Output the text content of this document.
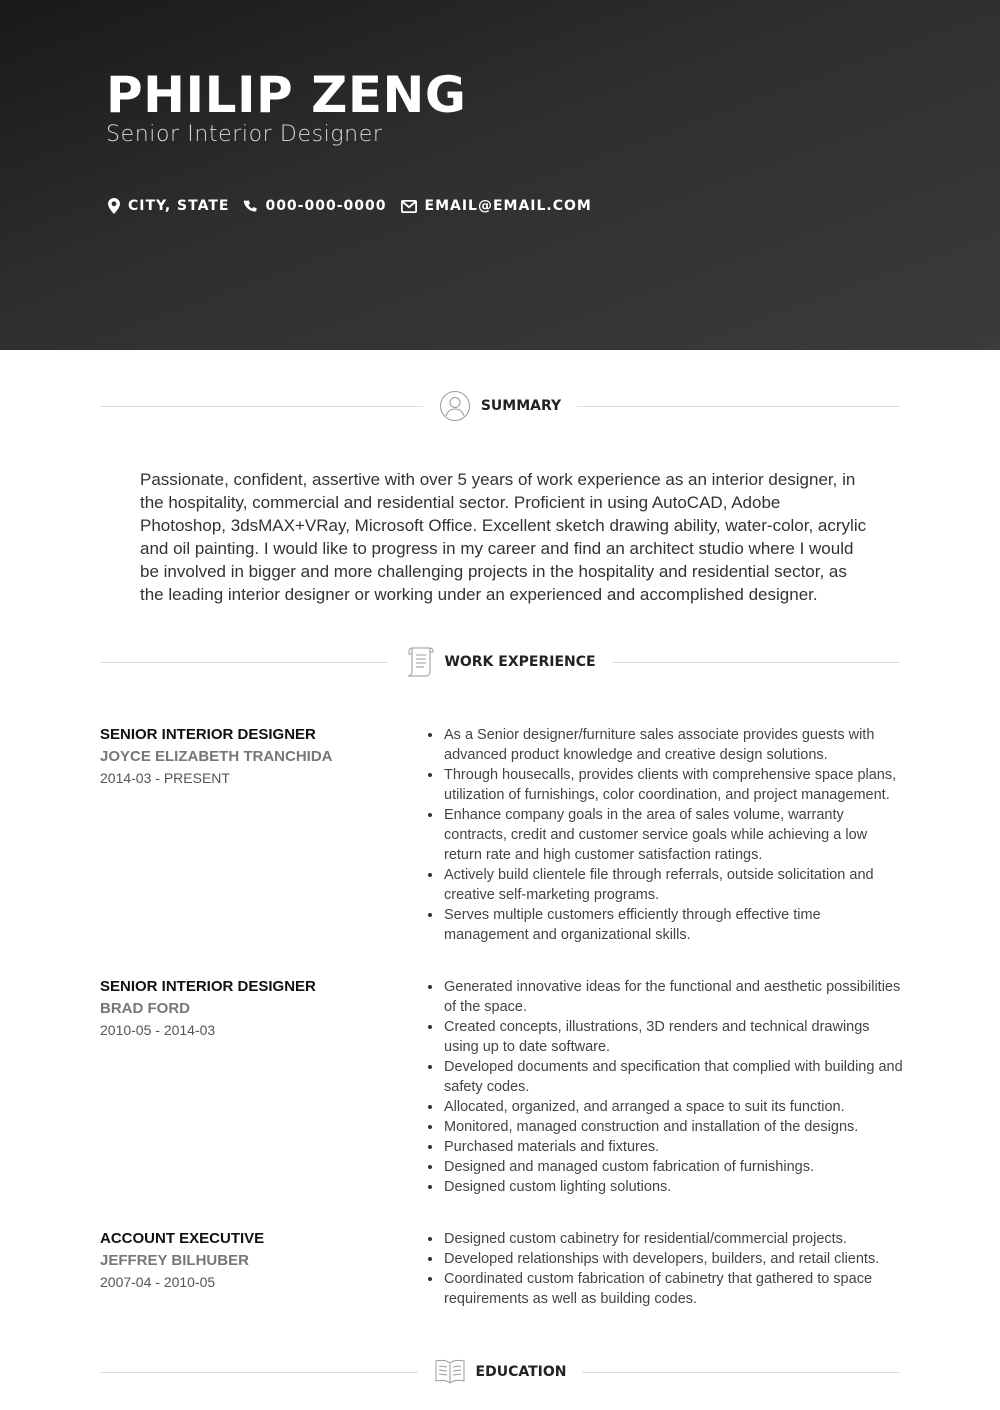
PHILIP ZENG
Senior Interior Designer
CITY, STATE	000-000-0000	EMAIL@EMAIL.COM
SUMMARY
Passionate, confident, assertive with over 5 years of work experience as an interior designer, in the hospitality, commercial and residential sector. Proficient in using AutoCAD, Adobe Photoshop, 3dsMAX+VRay, Microsoft Office. Excellent sketch drawing ability, water-color, acrylic and oil painting. I would like to progress in my career and find an architect studio where I would be involved in bigger and more challenging projects in the hospitality and residential sector, as the leading interior designer or working under an experienced and accomplished designer.
WORK EXPERIENCE
SENIOR INTERIOR DESIGNER
JOYCE ELIZABETH TRANCHIDA
2014-03 - PRESENT
As a Senior designer/furniture sales associate provides guests with advanced product knowledge and creative design solutions.
Through housecalls, provides clients with comprehensive space plans, utilization of furnishings, color coordination, and project management.
Enhance company goals in the area of sales volume, warranty contracts, credit and customer service goals while achieving a low return rate and high customer satisfaction ratings.
Actively build clientele file through referrals, outside solicitation and creative self-marketing programs.
Serves multiple customers efficiently through effective time management and organizational skills.
SENIOR INTERIOR DESIGNER
BRAD FORD
2010-05 - 2014-03
Generated innovative ideas for the functional and aesthetic possibilities of the space.
Created concepts, illustrations, 3D renders and technical drawings using up to date software.
Developed documents and specification that complied with building and safety codes.
Allocated, organized, and arranged a space to suit its function.
Monitored, managed construction and installation of the designs.
Purchased materials and fixtures.
Designed and managed custom fabrication of furnishings.
Designed custom lighting solutions.
ACCOUNT EXECUTIVE
JEFFREY BILHUBER
2007-04 - 2010-05
Designed custom cabinetry for residential/commercial projects.
Developed relationships with developers, builders, and retail clients.
Coordinated custom fabrication of cabinetry that gathered to space requirements as well as building codes.
EDUCATION
